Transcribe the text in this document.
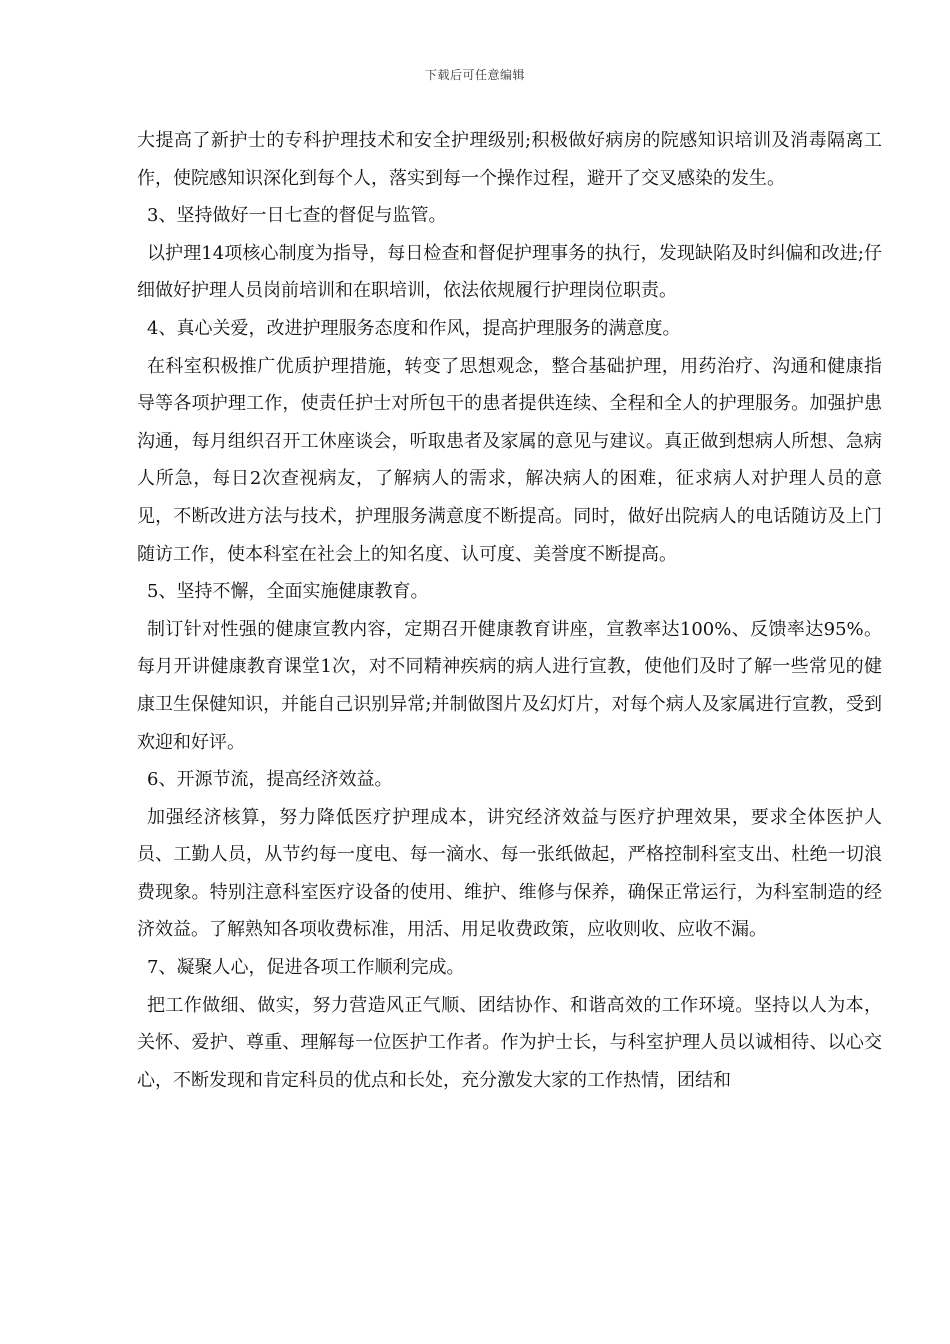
下载后可任意编辑

大提高了新护士的专科护理技术和安全护理级别;积极做好病房的院感知识培训及消毒隔离工作，使院感知识深化到每个人，落实到每一个操作过程，避开了交叉感染的发生。

3、坚持做好一日七查的督促与监管。

以护理14项核心制度为指导，每日检查和督促护理事务的执行，发现缺陷及时纠偏和改进;仔细做好护理人员岗前培训和在职培训，依法依规履行护理岗位职责。

4、真心关爱，改进护理服务态度和作风，提高护理服务的满意度。

在科室积极推广优质护理措施，转变了思想观念，整合基础护理，用药治疗、沟通和健康指导等各项护理工作，使责任护士对所包干的患者提供连续、全程和全人的护理服务。加强护患沟通，每月组织召开工休座谈会，听取患者及家属的意见与建议。真正做到想病人所想、急病人所急，每日2次查视病友，了解病人的需求，解决病人的困难，征求病人对护理人员的意见，不断改进方法与技术，护理服务满意度不断提高。同时，做好出院病人的电话随访及上门随访工作，使本科室在社会上的知名度、认可度、美誉度不断提高。

5、坚持不懈，全面实施健康教育。

制订针对性强的健康宣教内容，定期召开健康教育讲座，宣教率达100%、反馈率达95%。每月开讲健康教育课堂1次，对不同精神疾病的病人进行宣教，使他们及时了解一些常见的健康卫生保健知识，并能自己识别异常;并制做图片及幻灯片，对每个病人及家属进行宣教，受到欢迎和好评。

6、开源节流，提高经济效益。

加强经济核算，努力降低医疗护理成本，讲究经济效益与医疗护理效果，要求全体医护人员、工勤人员，从节约每一度电、每一滴水、每一张纸做起，严格控制科室支出、杜绝一切浪费现象。特别注意科室医疗设备的使用、维护、维修与保养，确保正常运行，为科室制造的经济效益。了解熟知各项收费标准，用活、用足收费政策，应收则收、应收不漏。

7、凝聚人心，促进各项工作顺利完成。

把工作做细、做实，努力营造风正气顺、团结协作、和谐高效的工作环境。坚持以人为本，关怀、爱护、尊重、理解每一位医护工作者。作为护士长，与科室护理人员以诚相待、以心交心，不断发现和肯定科员的优点和长处，充分激发大家的工作热情，团结和
